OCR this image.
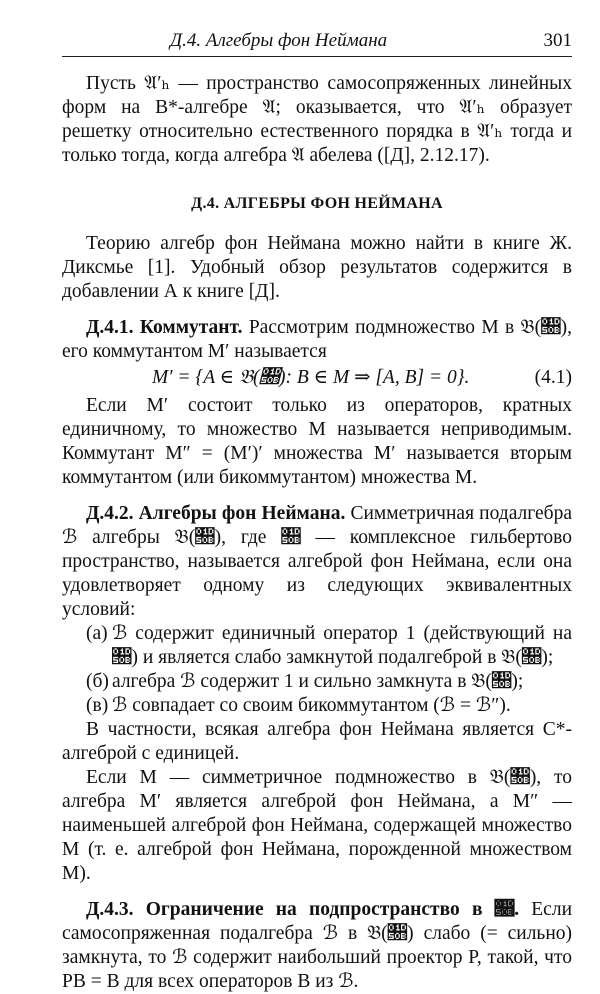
Д.4. Алгебры фон Неймана	301

Пусть 𝔄′ₕ — пространство самосопряженных линейных форм на B*-алгебре 𝔄; оказывается, что 𝔄′ₕ образует решетку относительно естественного порядка в 𝔄′ₕ тогда и только тогда, когда алгебра 𝔄 абелева ([Д], 2.12.17).

Д.4. АЛГЕБРЫ ФОН НЕЙМАНА

Теорию алгебр фон Неймана можно найти в книге Ж. Диксмье [1]. Удобный обзор результатов содержится в добавлении А к книге [Д].

Д.4.1. Коммутант. Рассмотрим подмножество M в 𝔅(𝔋), его коммутантом M′ называется

M′ = {A ∈ 𝔅(𝔋): B ∈ M ⇒ [A, B] = 0}.	(4.1)

Если M′ состоит только из операторов, кратных единичному, то множество M называется неприводимым. Коммутант M″ = (M′)′ множества M′ называется вторым коммутантом (или бикоммутантом) множества M.

Д.4.2. Алгебры фон Неймана. Симметричная подалгебра ℬ алгебры 𝔅(𝔋), где 𝔋 — комплексное гильбертово пространство, называется алгеброй фон Неймана, если она удовлетворяет одному из следующих эквивалентных условий:

(а) ℬ содержит единичный оператор 1 (действующий на 𝔋) и является слабо замкнутой подалгеброй в 𝔅(𝔋);

(б) алгебра ℬ содержит 1 и сильно замкнута в 𝔅(𝔋);

(в) ℬ совпадает со своим бикоммутантом (ℬ = ℬ″).

В частности, всякая алгебра фон Неймана является C*-алгеброй с единицей.

Если M — симметричное подмножество в 𝔅(𝔋), то алгебра M′ является алгеброй фон Неймана, а M″ — наименьшей алгеброй фон Неймана, содержащей множество M (т. е. алгеброй фон Неймана, порожденной множеством M).

Д.4.3. Ограничение на подпространство в 𝔋. Если самосопряженная подалгебра ℬ в 𝔅(𝔋) слабо (= сильно) замкнута, то ℬ содержит наибольший проектор P, такой, что PB = B для всех операторов B из ℬ.
